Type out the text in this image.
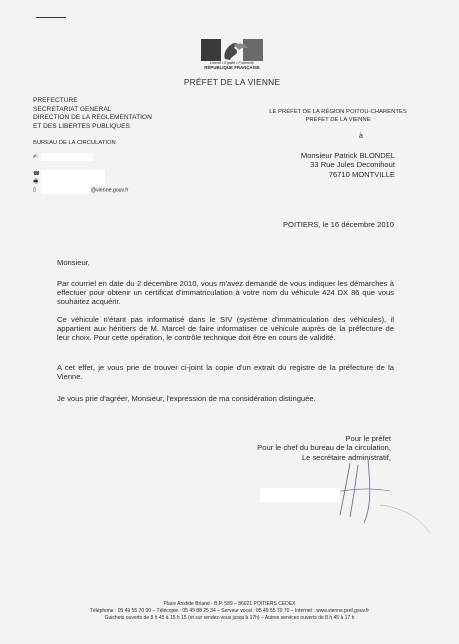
Liberté • Égalité • Fraternité
RÉPUBLIQUE FRANÇAISE
PRÉFET DE LA VIENNE
PREFECTURE
SECRETARIAT GENERAL
DIRECTION DE LA REGLEMENTATION
ET DES LIBERTES PUBLIQUES
BUREAU DE LA CIRCULATION
✍
☎
🖷
▯	@vienne.gouv.fr
LE PRÉFET DE LA RÉGION POITOU-CHARENTES
PRÉFET DE LA VIENNE
à
Monsieur Patrick BLONDEL
33 Rue Jules Deconihout
76710 MONTVILLE
POITIERS, le 16 décembre 2010
Monsieur,
Par courriel en date du 2 décembre 2010, vous m'avez demandé de vous indiquer les démarches à effectuer pour obtenir un certificat d'immatriculation à votre nom du véhicule 424 DX 86 que vous souhaitez acquérir.
Ce véhicule n'étant pas informatisé dans le SIV (système d'immatriculation des véhicules), il appartient aux héritiers de M. Marcel de faire informatiser ce véhicule auprès de la préfecture de leur choix. Pour cette opération, le contrôle technique doit être en cours de validité.
A cet effet, je vous prie de trouver ci-joint la copie d'un extrait du registre de la préfecture de la Vienne.
Je vous prie d'agréer, Monsieur, l'expression de ma considération distinguée.
Pour le préfet
Pour le chef du bureau de la circulation,
Le secrétaire administratif,
Place Aristide Briand - B.P. 589 – 86021 POITIERS CEDEX
Téléphone : 05 49 55 70 00 – Télécopie : 05 49 88 25 34 – Serveur vocal : 05 49 55 70 70 – Internet : www.vienne.pref.gouv.fr
Guichets ouverts de 8 h 45 à 15 h 15 (et sur rendez-vous jusqu'à 17h) – Autres services ouverts de 8 h 45 à 17 h
